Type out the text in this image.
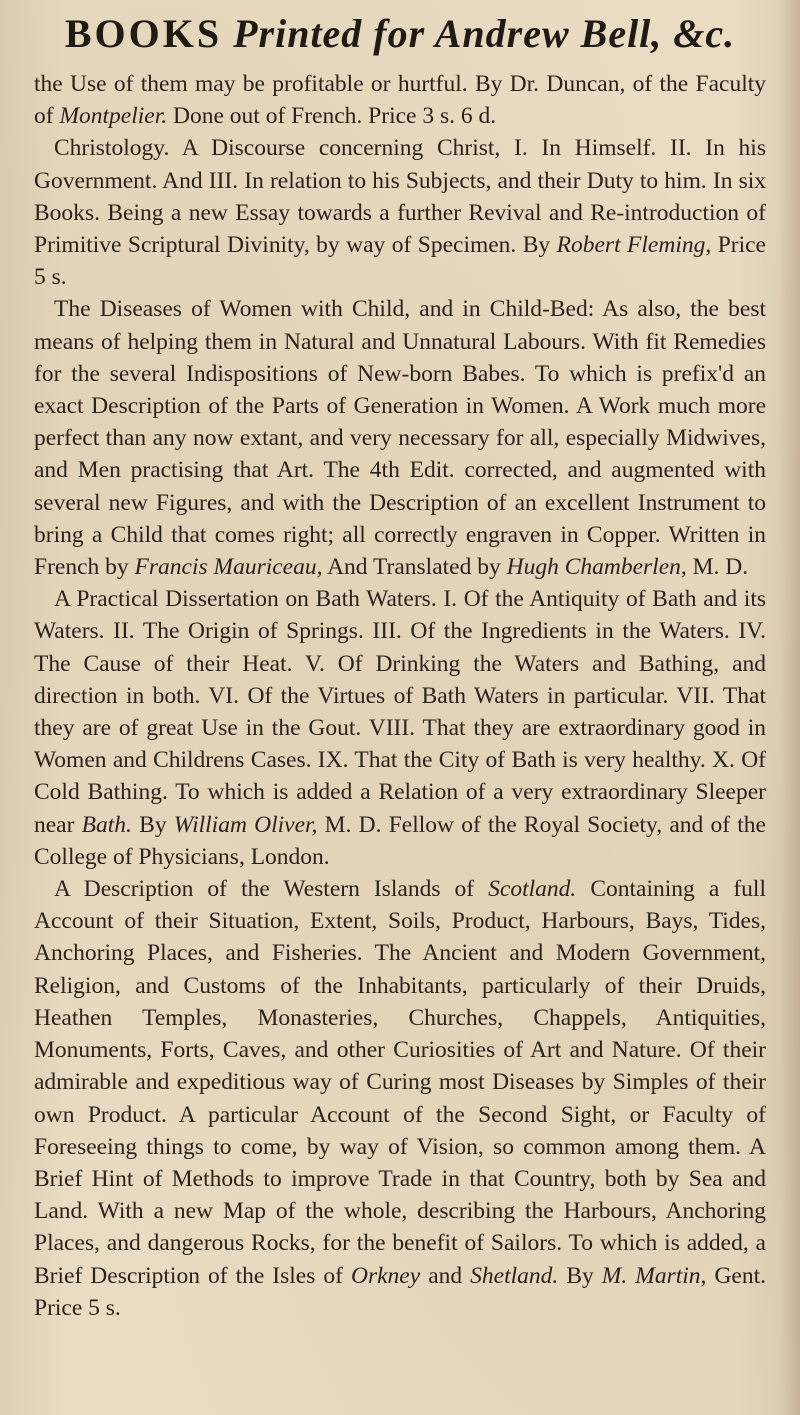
BOOKS Printed for Andrew Bell, &c.

the Use of them may be profitable or hurtful. By Dr. Duncan, of the Faculty of Montpelier. Done out of French. Price 3 s. 6 d.

Christology. A Discourse concerning Christ, I. In Himself. II. In his Government. And III. In relation to his Subjects, and their Duty to him. In six Books. Being a new Essay towards a further Revival and Re-introduction of Primitive Scriptural Divinity, by way of Specimen. By Robert Fleming, Price 5 s.

The Diseases of Women with Child, and in Child-Bed: As also, the best means of helping them in Natural and Unnatural Labours. With fit Remedies for the several Indispositions of New-born Babes. To which is prefix'd an exact Description of the Parts of Generation in Women. A Work much more perfect than any now extant, and very necessary for all, especially Midwives, and Men practising that Art. The 4th Edit. corrected, and augmented with several new Figures, and with the Description of an excellent Instrument to bring a Child that comes right; all correctly engraven in Copper. Written in French by Francis Mauriceau, And Translated by Hugh Chamberlen, M. D.

A Practical Dissertation on Bath Waters. I. Of the Antiquity of Bath and its Waters. II. The Origin of Springs. III. Of the Ingredients in the Waters. IV. The Cause of their Heat. V. Of Drinking the Waters and Bathing, and direction in both. VI. Of the Virtues of Bath Waters in particular. VII. That they are of great Use in the Gout. VIII. That they are extraordinary good in Women and Childrens Cases. IX. That the City of Bath is very healthy. X. Of Cold Bathing. To which is added a Relation of a very extraordinary Sleeper near Bath. By William Oliver, M. D. Fellow of the Royal Society, and of the College of Physicians, London.

A Description of the Western Islands of Scotland. Containing a full Account of their Situation, Extent, Soils, Product, Harbours, Bays, Tides, Anchoring Places, and Fisheries. The Ancient and Modern Government, Religion, and Customs of the Inhabitants, particularly of their Druids, Heathen Temples, Monasteries, Churches, Chappels, Antiquities, Monuments, Forts, Caves, and other Curiosities of Art and Nature. Of their admirable and expeditious way of Curing most Diseases by Simples of their own Product. A particular Account of the Second Sight, or Faculty of Foreseeing things to come, by way of Vision, so common among them. A Brief Hint of Methods to improve Trade in that Country, both by Sea and Land. With a new Map of the whole, describing the Harbours, Anchoring Places, and dangerous Rocks, for the benefit of Sailors. To which is added, a Brief Description of the Isles of Orkney and Shetland. By M. Martin, Gent. Price 5 s.
